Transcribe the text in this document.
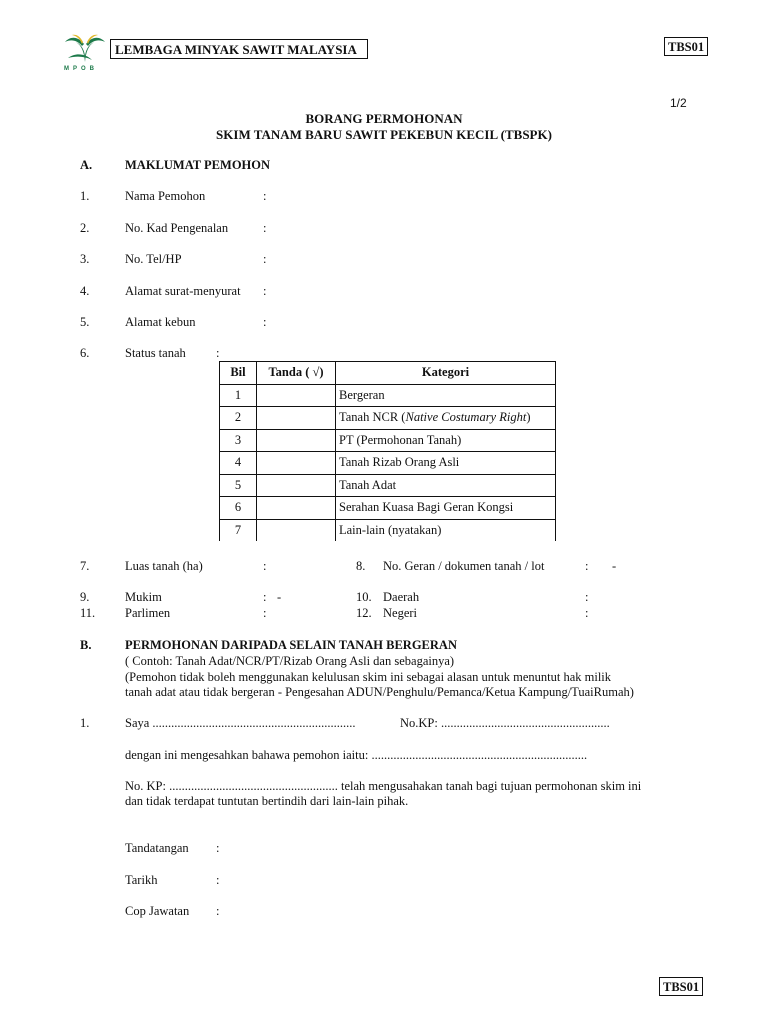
MPOB
LEMBAGA MINYAK SAWIT MALAYSIA	TBS01
1/2
BORANG PERMOHONAN
SKIM TANAM BARU SAWIT PEKEBUN KECIL (TBSPK)
A.	MAKLUMAT PEMOHON
1.	Nama Pemohon	:
2.	No. Kad Pengenalan	:
3.	No. Tel/HP	:
4.	Alamat surat-menyurat :
5.	Alamat kebun	:
6.	Status tanah :
Bil	Tanda ( √)	Kategori
1		Bergeran
2		Tanah NCR (Native Costumary Right)
3		PT (Permohonan Tanah)
4		Tanah Rizab Orang Asli
5		Tanah Adat
6		Serahan Kuasa Bagi Geran Kongsi
7		Lain-lain (nyatakan)
7.	Luas tanah (ha)	:	8. No. Geran / dokumen tanah / lot	: -
9.	Mukim	: -	10. Daerah	:
11. Parlimen	:	12. Negeri	:
B.	PERMOHONAN DARIPADA SELAIN TANAH BERGERAN
( Contoh: Tanah Adat/NCR/PT/Rizab Orang Asli dan sebagainya)
(Pemohon tidak boleh menggunakan kelulusan skim ini sebagai alasan untuk menuntut hak milik
tanah adat atau tidak bergeran - Pengesahan ADUN/Penghulu/Pemanca/Ketua Kampung/TuaiRumah)
1.	Saya .................................................................	No.KP: ......................................................
dengan ini mengesahkan bahawa pemohon iaitu: .....................................................................
No. KP: ...................................................... telah mengusahakan tanah bagi tujuan permohonan skim ini
dan tidak terdapat tuntutan bertindih dari lain-lain pihak.
Tandatangan :
Tarikh	:
Cop Jawatan :
TBS01
